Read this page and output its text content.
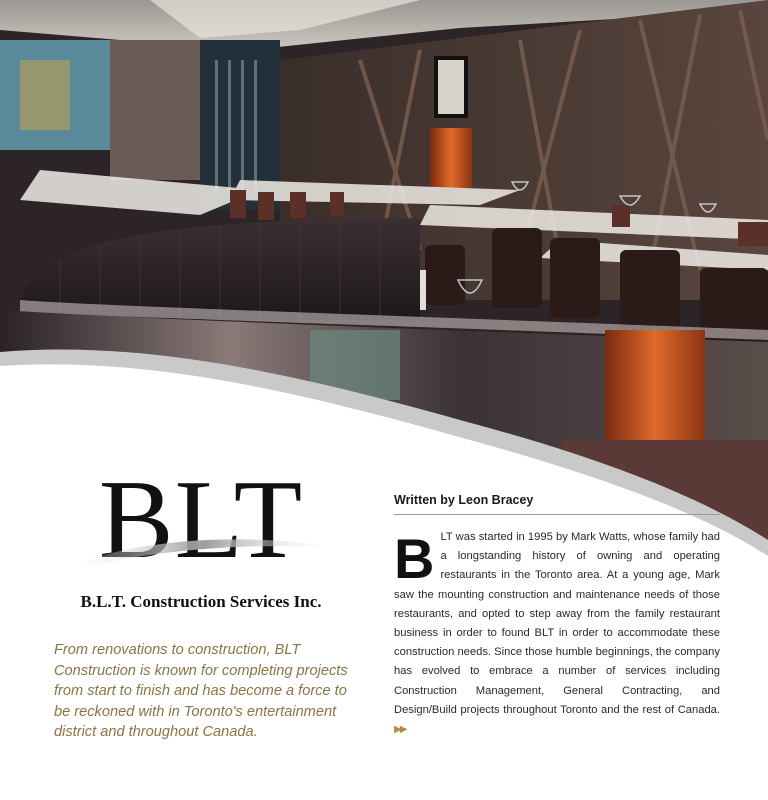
BLT
B.L.T. Construction Services Inc.
From renovations to construction, BLT Construction is known for completing projects from start to finish and has become a force to be reckoned with in Toronto's entertainment district and throughout Canada.
Written by Leon Bracey
BLT was started in 1995 by Mark Watts, whose family had a longstanding history of owning and operating restaurants in the Toronto area. At a young age, Mark saw the mounting construction and maintenance needs of those restaurants, and opted to step away from the family restaurant business in order to found BLT in order to accommodate these construction needs. Since those humble beginnings, the company has evolved to embrace a number of services including Construction Management, General Contracting, and Design/Build projects throughout Toronto and the rest of Canada. ▶▶
